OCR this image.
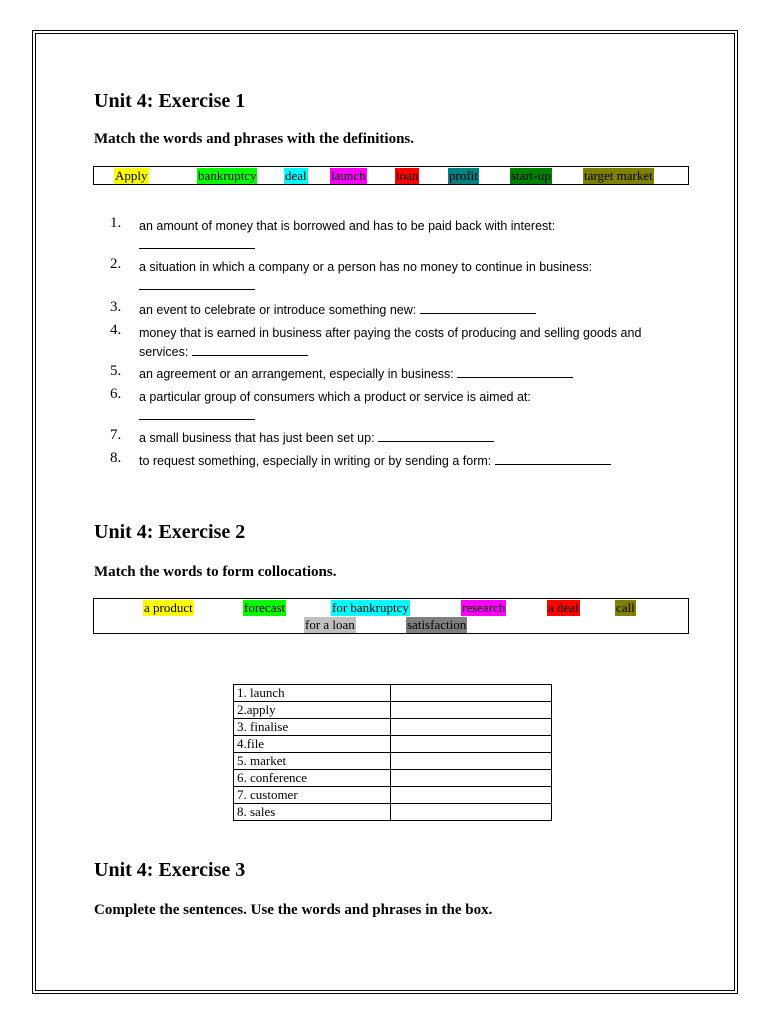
Unit 4: Exercise 1
Match the words and phrases with the definitions.
Apply	bankruptcy deal launch loan profit	start-up	target market
1.	an amount of money that is borrowed and has to be paid back with interest:

2.	a situation in which a company or a person has no money to continue in business:

3.	an event to celebrate or introduce something new:
4.	money that is earned in business after paying the costs of producing and selling goods and services:
5.	an agreement or an arrangement, especially in business:
6.	a particular group of consumers which a product or service is aimed at:

7.	a small business that has just been set up:
8.	to request something, especially in writing or by sending a form:
Unit 4: Exercise 2
Match the words to form collocations.
a product	forecast	for bankruptcy	research	a deal	call
for a loan	satisfaction
1. launch	
2.apply	
3. finalise	
4.file	
5. market	
6. conference	
7. customer	
8. sales	
Unit 4: Exercise 3
Complete the sentences. Use the words and phrases in the box.
